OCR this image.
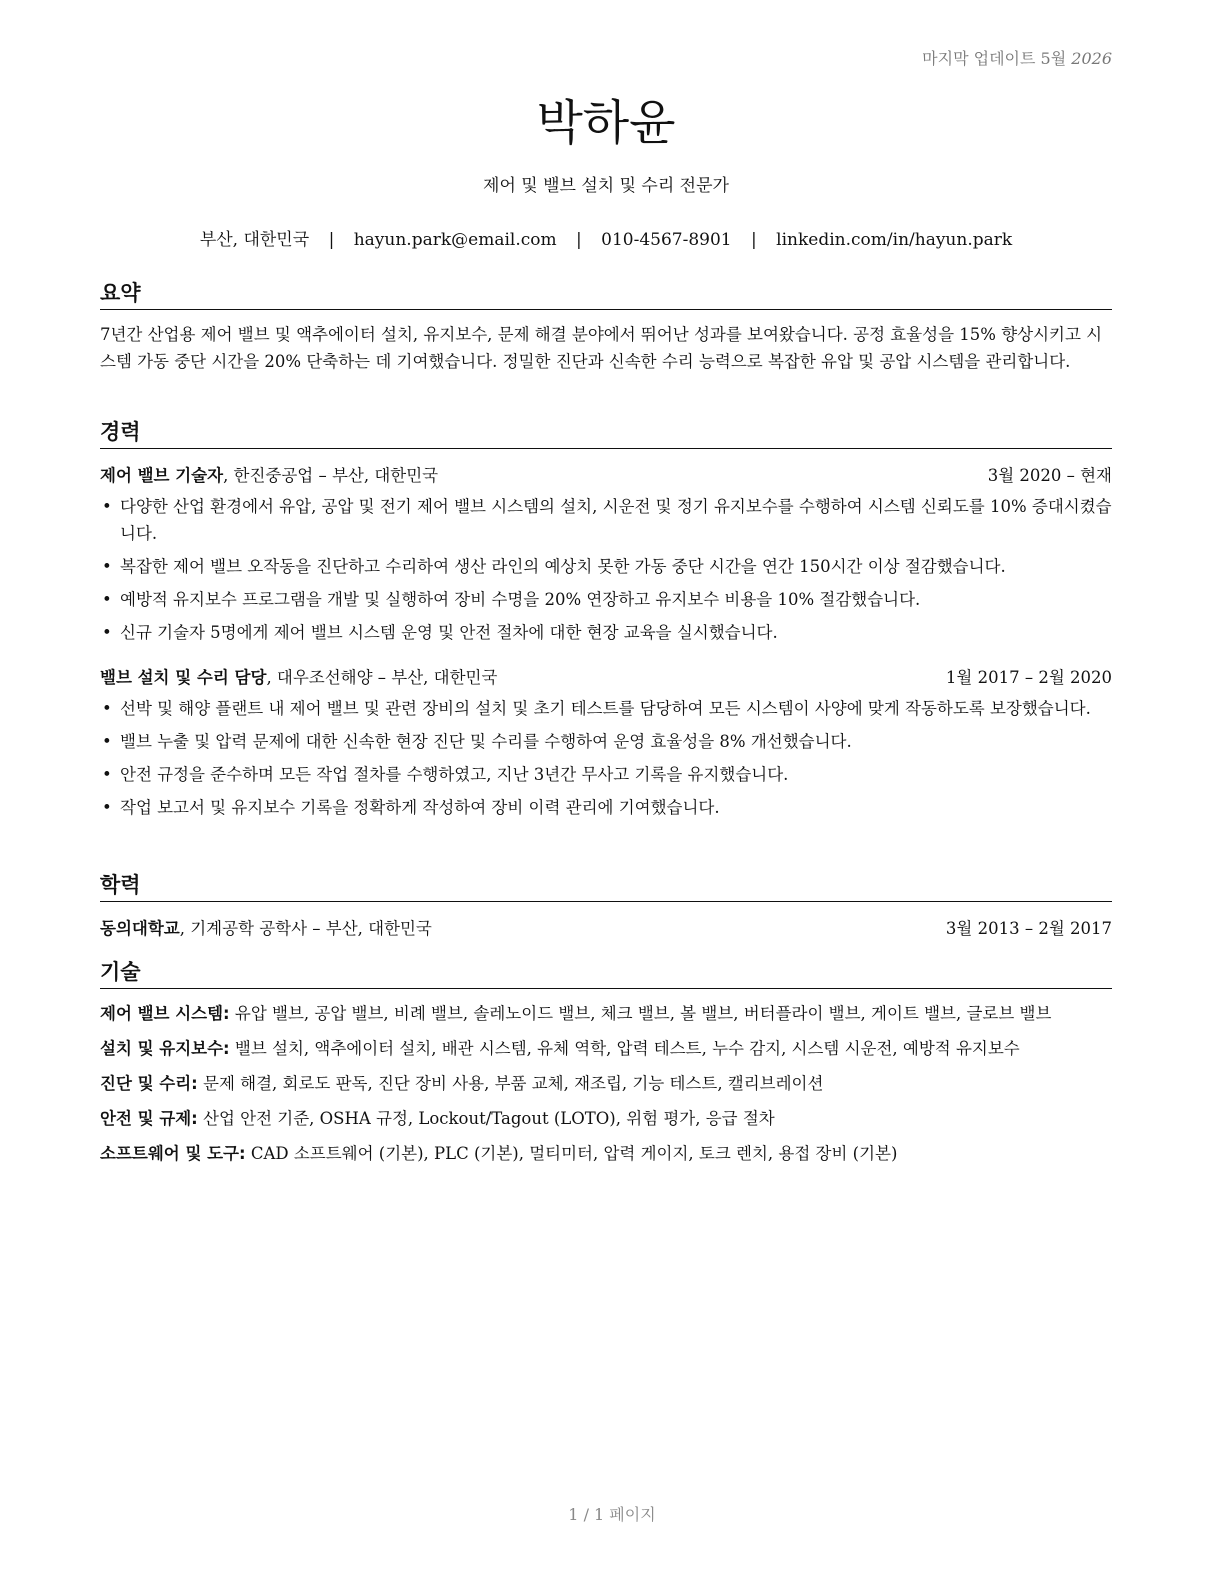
마지막 업데이트 5월 2026
박하윤
제어 및 밸브 설치 및 수리 전문가
부산, 대한민국 | hayun.park@email.com | 010-4567-8901 | linkedin.com/in/hayun.park
요약
7년간 산업용 제어 밸브 및 액추에이터 설치, 유지보수, 문제 해결 분야에서 뛰어난 성과를 보여왔습니다. 공정 효율성을 15% 향상시키고 시스템 가동 중단 시간을 20% 단축하는 데 기여했습니다. 정밀한 진단과 신속한 수리 능력으로 복잡한 유압 및 공압 시스템을 관리합니다.
경력
제어 밸브 기술자, 한진중공업 – 부산, 대한민국	3월 2020 – 현재
• 다양한 산업 환경에서 유압, 공압 및 전기 제어 밸브 시스템의 설치, 시운전 및 정기 유지보수를 수행하여 시스템 신뢰도를 10% 증대시켰습니다.
• 복잡한 제어 밸브 오작동을 진단하고 수리하여 생산 라인의 예상치 못한 가동 중단 시간을 연간 150시간 이상 절감했습니다.
• 예방적 유지보수 프로그램을 개발 및 실행하여 장비 수명을 20% 연장하고 유지보수 비용을 10% 절감했습니다.
• 신규 기술자 5명에게 제어 밸브 시스템 운영 및 안전 절차에 대한 현장 교육을 실시했습니다.
밸브 설치 및 수리 담당, 대우조선해양 – 부산, 대한민국	1월 2017 – 2월 2020
• 선박 및 해양 플랜트 내 제어 밸브 및 관련 장비의 설치 및 초기 테스트를 담당하여 모든 시스템이 사양에 맞게 작동하도록 보장했습니다.
• 밸브 누출 및 압력 문제에 대한 신속한 현장 진단 및 수리를 수행하여 운영 효율성을 8% 개선했습니다.
• 안전 규정을 준수하며 모든 작업 절차를 수행하였고, 지난 3년간 무사고 기록을 유지했습니다.
• 작업 보고서 및 유지보수 기록을 정확하게 작성하여 장비 이력 관리에 기여했습니다.
학력
동의대학교, 기계공학 공학사 – 부산, 대한민국	3월 2013 – 2월 2017
기술
제어 밸브 시스템: 유압 밸브, 공압 밸브, 비례 밸브, 솔레노이드 밸브, 체크 밸브, 볼 밸브, 버터플라이 밸브, 게이트 밸브, 글로브 밸브
설치 및 유지보수: 밸브 설치, 액추에이터 설치, 배관 시스템, 유체 역학, 압력 테스트, 누수 감지, 시스템 시운전, 예방적 유지보수
진단 및 수리: 문제 해결, 회로도 판독, 진단 장비 사용, 부품 교체, 재조립, 기능 테스트, 캘리브레이션
안전 및 규제: 산업 안전 기준, OSHA 규정, Lockout/Tagout (LOTO), 위험 평가, 응급 절차
소프트웨어 및 도구: CAD 소프트웨어 (기본), PLC (기본), 멀티미터, 압력 게이지, 토크 렌치, 용접 장비 (기본)
1 / 1 페이지
